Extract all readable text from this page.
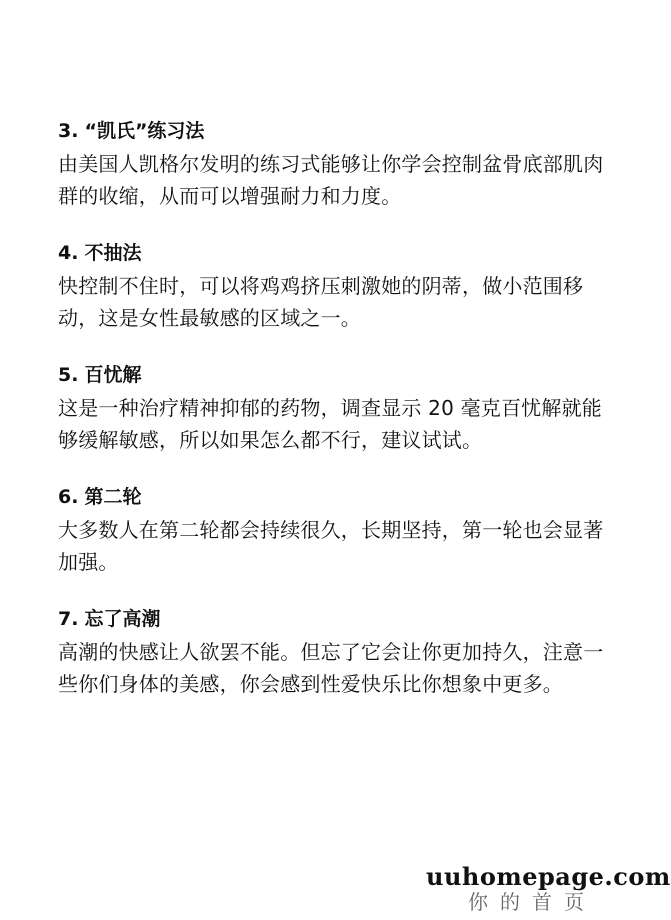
3. “凯氏”练习法

由美国人凯格尔发明的练习式能够让你学会控制盆骨底部肌肉群的收缩，从而可以增强耐力和力度。

4. 不抽法

快控制不住时，可以将鸡鸡挤压刺激她的阴蒂，做小范围移动，这是女性最敏感的区域之一。

5. 百忧解

这是一种治疗精神抑郁的药物，调查显示 20 毫克百忧解就能够缓解敏感，所以如果怎么都不行，建议试试。

6. 第二轮

大多数人在第二轮都会持续很久，长期坚持，第一轮也会显著加强。

7. 忘了高潮

高潮的快感让人欲罢不能。但忘了它会让你更加持久，注意一些你们身体的美感，你会感到性爱快乐比你想象中更多。

uuhomepage.com
你的首页
